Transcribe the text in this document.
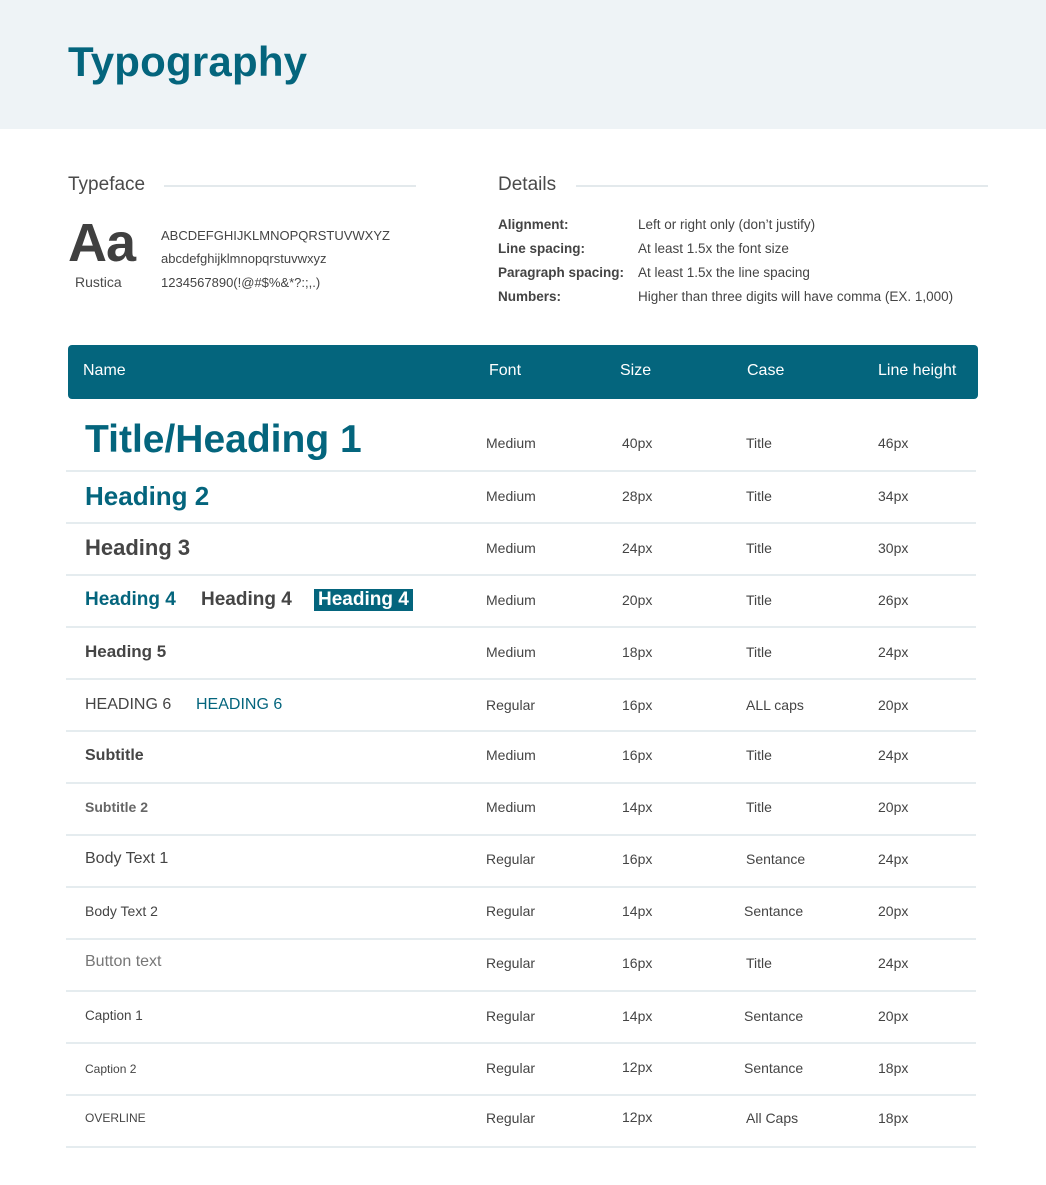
Typography
Typeface
Aa
Rustica
ABCDEFGHIJKLMNOPQRSTUVWXYZ
abcdefghijklmnopqrstuvwxyz
1234567890(!@#$%&*?:;,.)
Details
Alignment:	Left or right only (don’t justify)
Line spacing:	At least 1.5x the font size
Paragraph spacing: At least 1.5x the line spacing
Numbers:	Higher than three digits will have comma (EX. 1,000)
Name	Font	Size	Case	Line height
Title/Heading 1	Medium	40px	Title	46px
Heading 2	Medium	28px	Title	34px
Heading 3	Medium	24px	Title	30px
Heading 4 Heading 4 Heading 4	Medium	20px	Title	26px
Heading 5	Medium	18px	Title	24px
HEADING 6 HEADING 6	Regular	16px	ALL caps	20px
Subtitle	Medium	16px	Title	24px
Subtitle 2	Medium	14px	Title	20px
Body Text 1	Regular	16px	Sentance	24px
Body Text 2	Regular	14px	Sentance	20px
Button text	Regular	16px	Title	24px
Caption 1	Regular	14px	Sentance	20px
Caption 2	Regular	12px	Sentance	18px
OVERLINE	Regular	12px	All Caps	18px
